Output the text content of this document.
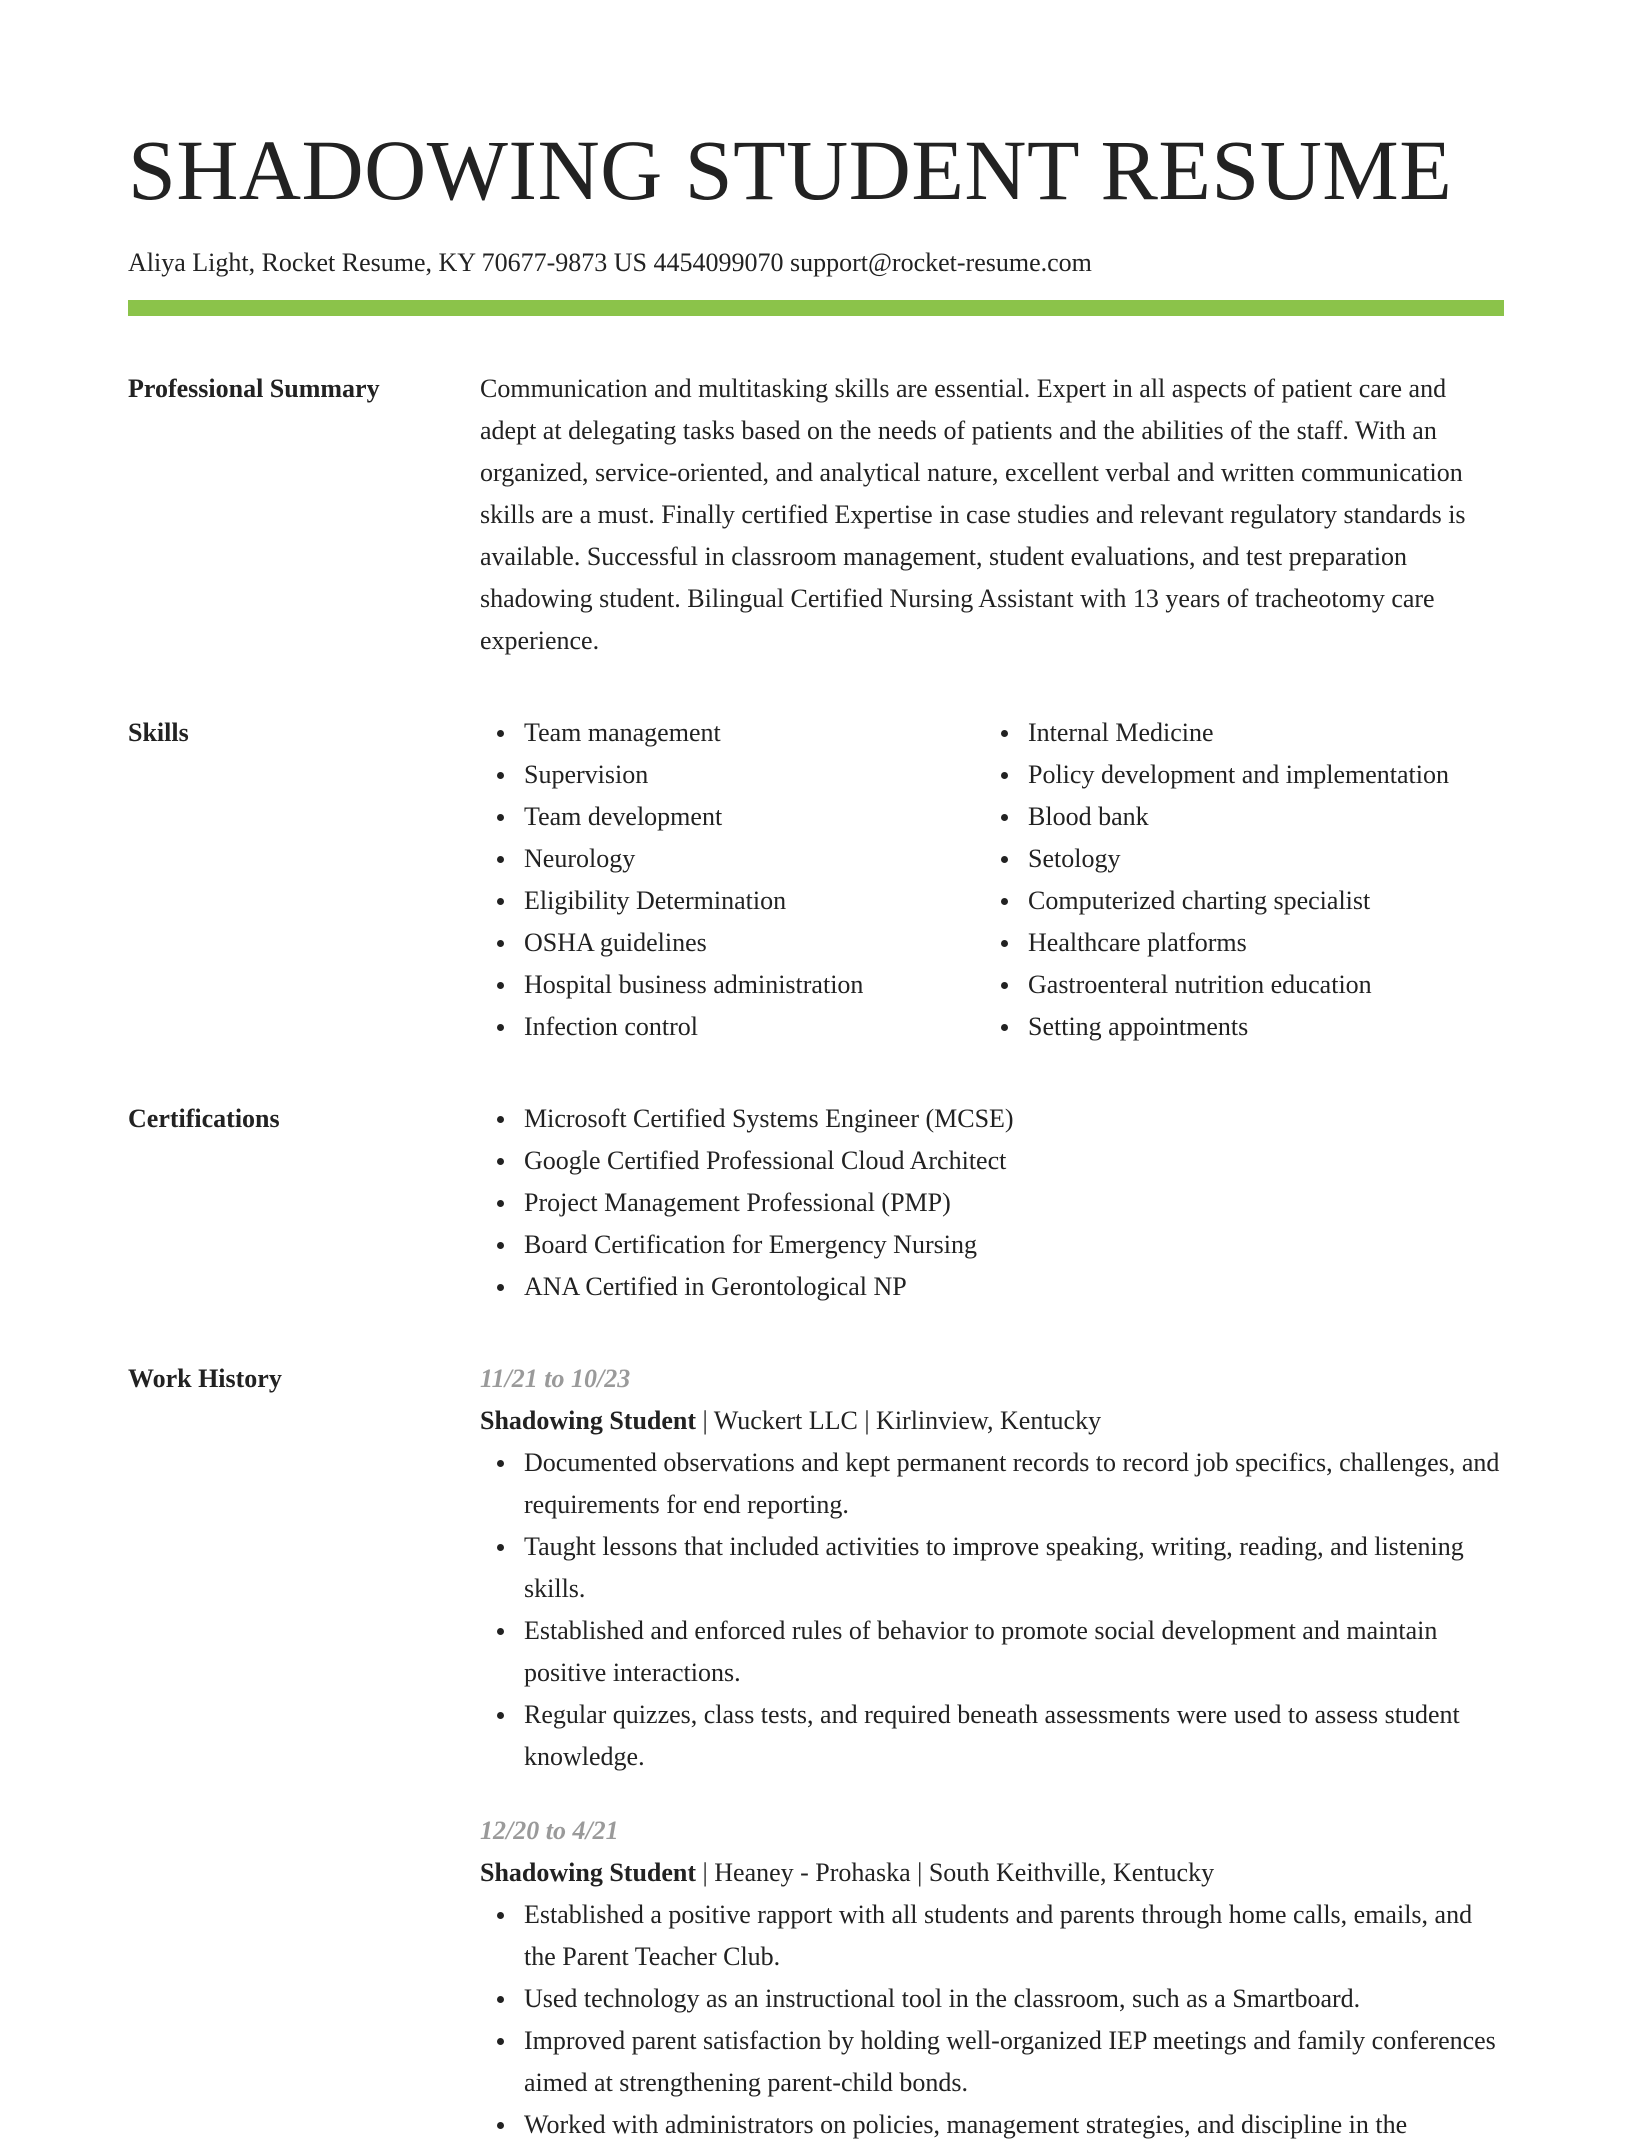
SHADOWING STUDENT RESUME
Aliya Light, Rocket Resume, KY 70677-9873 US 4454099070 support@rocket-resume.com
Professional Summary	Communication and multitasking skills are essential. Expert in all aspects of patient care and adept at delegating tasks based on the needs of patients and the abilities of the staff. With an organized, service-oriented, and analytical nature, excellent verbal and written communication skills are a must. Finally certified Expertise in case studies and relevant regulatory standards is available. Successful in classroom management, student evaluations, and test preparation shadowing student. Bilingual Certified Nursing Assistant with 13 years of tracheotomy care experience.

Skills	Team management
Supervision
Team development
Neurology
Eligibility Determination
OSHA guidelines
Hospital business administration
Infection control
Internal Medicine
Policy development and implementation
Blood bank
Setology
Computerized charting specialist
Healthcare platforms
Gastroenteral nutrition education
Setting appointments
Certifications	Microsoft Certified Systems Engineer (MCSE)
Google Certified Professional Cloud Architect
Project Management Professional (PMP)
Board Certification for Emergency Nursing
ANA Certified in Gerontological NP
Work History	11/21 to 10/23
Shadowing Student | Wuckert LLC | Kirlinview, Kentucky
Documented observations and kept permanent records to record job specifics, challenges, and requirements for end reporting.
Taught lessons that included activities to improve speaking, writing, reading, and listening skills.
Established and enforced rules of behavior to promote social development and maintain positive interactions.
Regular quizzes, class tests, and required beneath assessments were used to assess student knowledge.
12/20 to 4/21
Shadowing Student | Heaney - Prohaska | South Keithville, Kentucky
Established a positive rapport with all students and parents through home calls, emails, and the Parent Teacher Club.
Used technology as an instructional tool in the classroom, such as a Smartboard.
Improved parent satisfaction by holding well-organized IEP meetings and family conferences aimed at strengthening parent-child bonds.
Worked with administrators on policies, management strategies, and discipline in the
